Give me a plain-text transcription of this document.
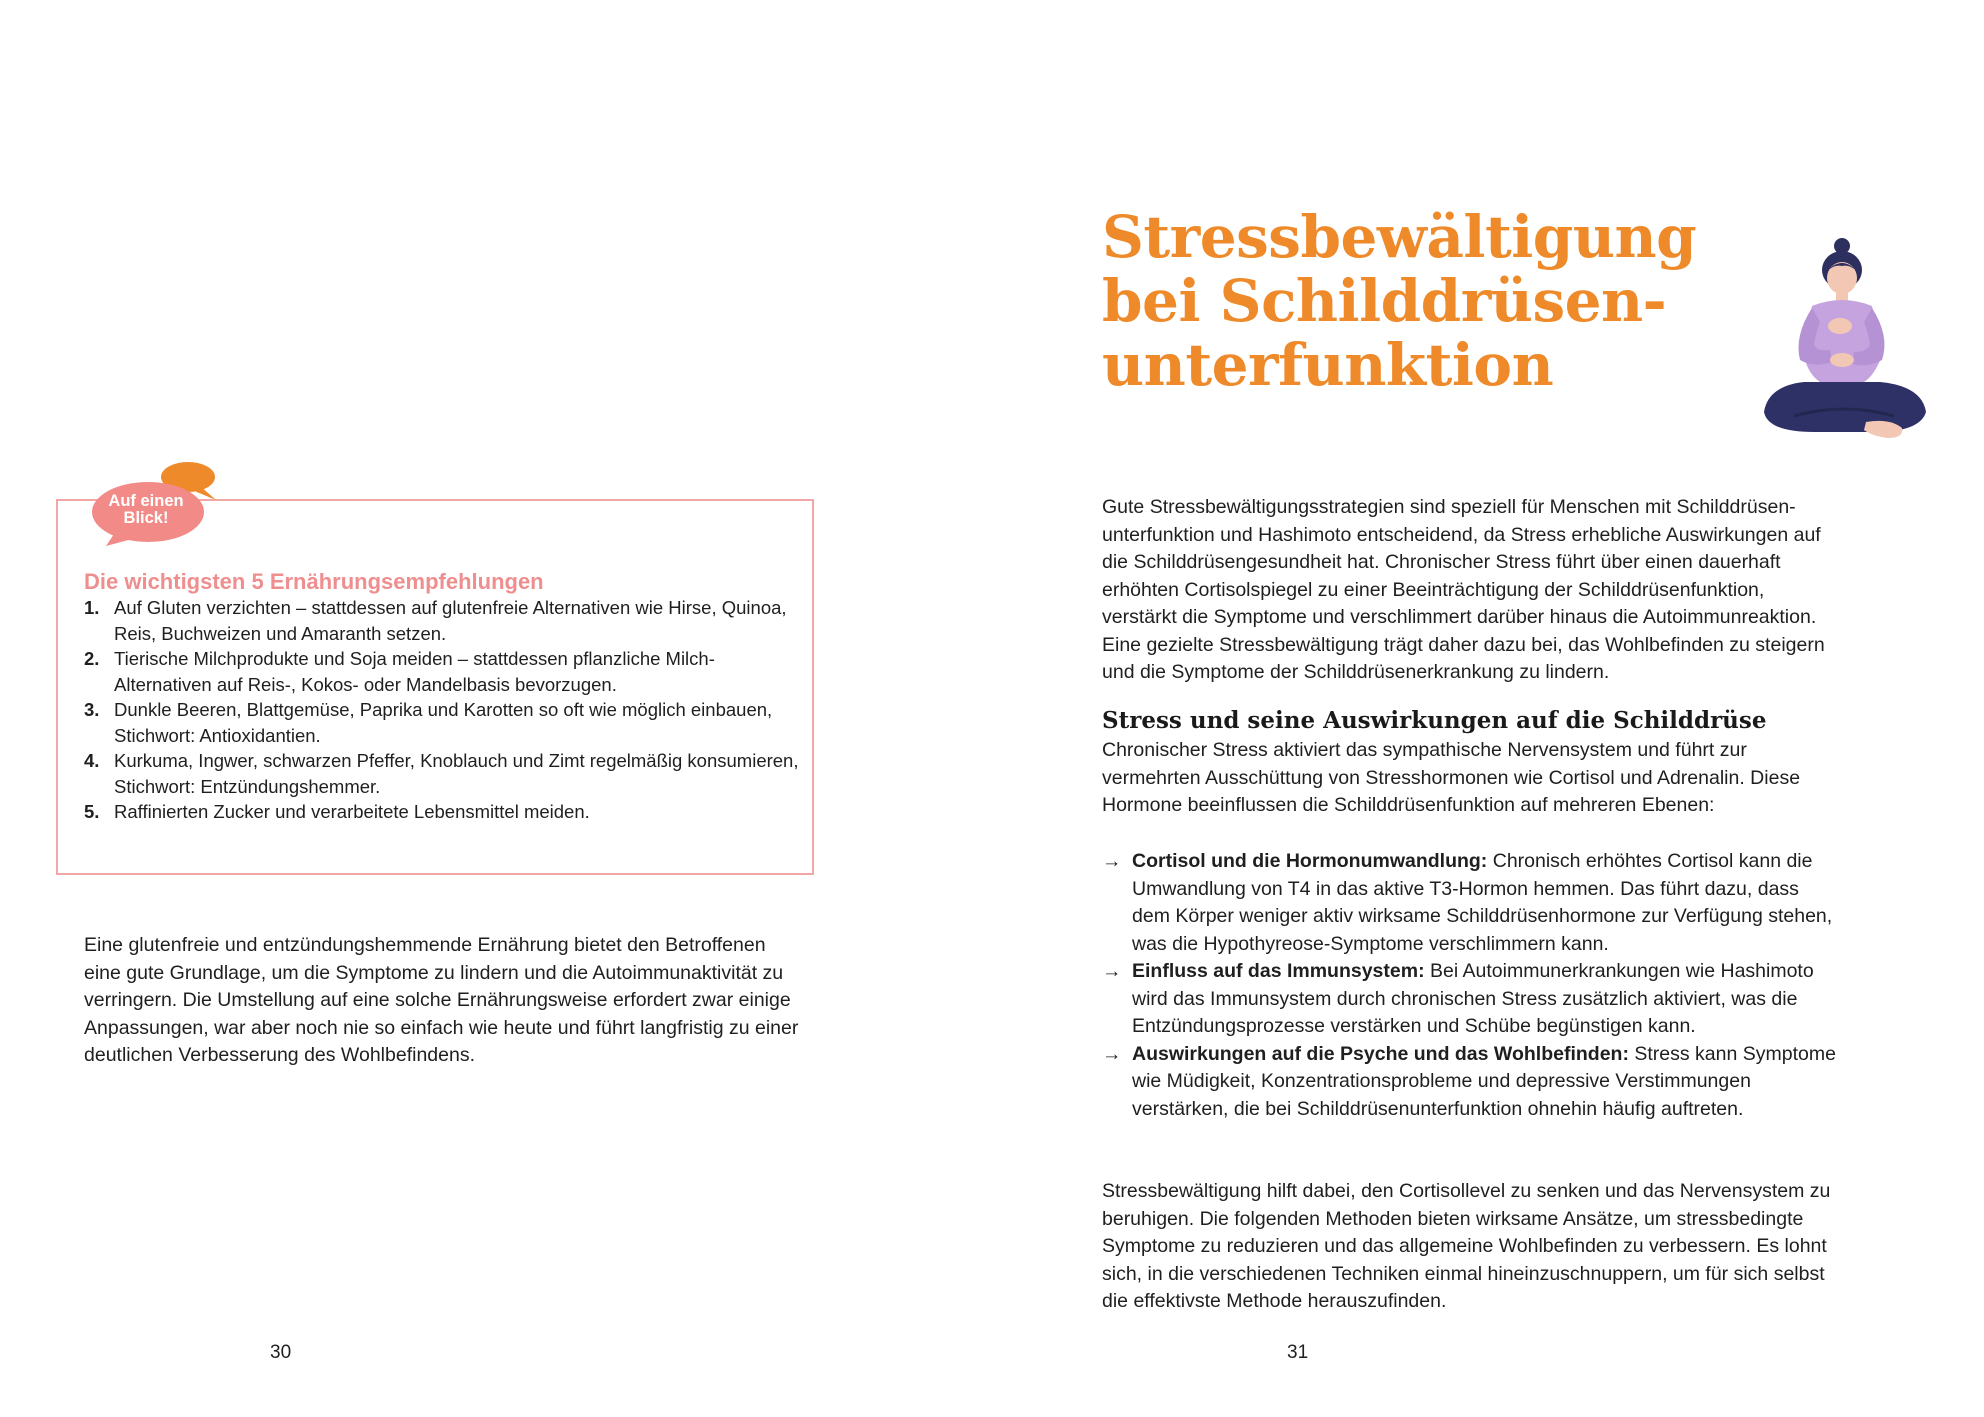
Auf einen Blick!
Die wichtigsten 5 Ernährungsempfehlungen
1. Auf Gluten verzichten – stattdessen auf glutenfreie Alternativen wie Hirse, Quinoa, Reis, Buchweizen und Amaranth setzen.
2. Tierische Milchprodukte und Soja meiden – stattdessen pflanzliche Milch-Alternativen auf Reis-, Kokos- oder Mandelbasis bevorzugen.
3. Dunkle Beeren, Blattgemüse, Paprika und Karotten so oft wie möglich einbauen, Stichwort: Antioxidantien.
4. Kurkuma, Ingwer, schwarzen Pfeffer, Knoblauch und Zimt regelmäßig konsumieren, Stichwort: Entzündungshemmer.
5. Raffinierten Zucker und verarbeitete Lebensmittel meiden.

Eine glutenfreie und entzündungshemmende Ernährung bietet den Betroffenen eine gute Grundlage, um die Symptome zu lindern und die Autoimmunaktivität zu verringern. Die Umstellung auf eine solche Ernährungsweise erfordert zwar einige Anpassungen, war aber noch nie so einfach wie heute und führt langfristig zu einer deutlichen Verbesserung des Wohlbefindens.

30

Stressbewältigung
bei Schilddrüsen-
unterfunktion

Gute Stressbewältigungsstrategien sind speziell für Menschen mit Schilddrüsen-unterfunktion und Hashimoto entscheidend, da Stress erhebliche Auswirkungen auf die Schilddrüsengesundheit hat. Chronischer Stress führt über einen dauerhaft erhöhten Cortisolspiegel zu einer Beeinträchtigung der Schilddrüsenfunktion, verstärkt die Symptome und verschlimmert darüber hinaus die Autoimmunreaktion. Eine gezielte Stressbewältigung trägt daher dazu bei, das Wohlbefinden zu steigern und die Symptome der Schilddrüsenerkrankung zu lindern.

Stress und seine Auswirkungen auf die Schilddrüse

Chronischer Stress aktiviert das sympathische Nervensystem und führt zur vermehrten Ausschüttung von Stresshormonen wie Cortisol und Adrenalin. Diese Hormone beeinflussen die Schilddrüsenfunktion auf mehreren Ebenen:

→ Cortisol und die Hormonumwandlung: Chronisch erhöhtes Cortisol kann die Umwandlung von T4 in das aktive T3-Hormon hemmen. Das führt dazu, dass dem Körper weniger aktiv wirksame Schilddrüsenhormone zur Verfügung stehen, was die Hypothyreose-Symptome verschlimmern kann.
→ Einfluss auf das Immunsystem: Bei Autoimmunerkrankungen wie Hashimoto wird das Immunsystem durch chronischen Stress zusätzlich aktiviert, was die Entzündungsprozesse verstärken und Schübe begünstigen kann.
→ Auswirkungen auf die Psyche und das Wohlbefinden: Stress kann Symptome wie Müdigkeit, Konzentrationsprobleme und depressive Verstimmungen verstärken, die bei Schilddrüsenunterfunktion ohnehin häufig auftreten.

Stressbewältigung hilft dabei, den Cortisollevel zu senken und das Nervensystem zu beruhigen. Die folgenden Methoden bieten wirksame Ansätze, um stressbedingte Symptome zu reduzieren und das allgemeine Wohlbefinden zu verbessern. Es lohnt sich, in die verschiedenen Techniken einmal hineinzuschnuppern, um für sich selbst die effektivste Methode herauszufinden.

31
